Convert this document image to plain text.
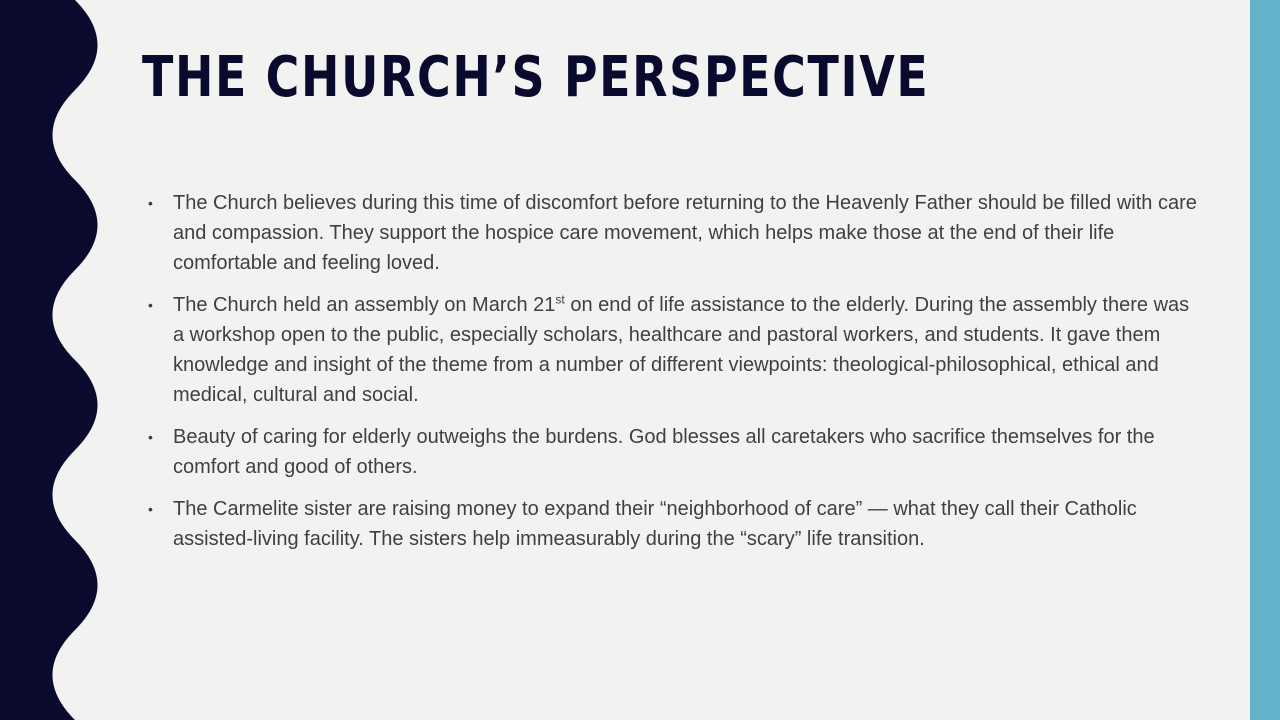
THE CHURCH’S PERSPECTIVE
• The Church believes during this time of discomfort before returning to the Heavenly Father should be filled with care and compassion. They support the hospice care movement, which helps make those at the end of their life comfortable and feeling loved.
• The Church held an assembly on March 21st on end of life assistance to the elderly. During the assembly there was a workshop open to the public, especially scholars, healthcare and pastoral workers, and students. It gave them knowledge and insight of the theme from a number of different viewpoints: theological-philosophical, ethical and medical, cultural and social.
• Beauty of caring for elderly outweighs the burdens. God blesses all caretakers who sacrifice themselves for the comfort and good of others.
• The Carmelite sister are raising money to expand their “neighborhood of care” — what they call their Catholic assisted-living facility. The sisters help immeasurably during the “scary” life transition.
